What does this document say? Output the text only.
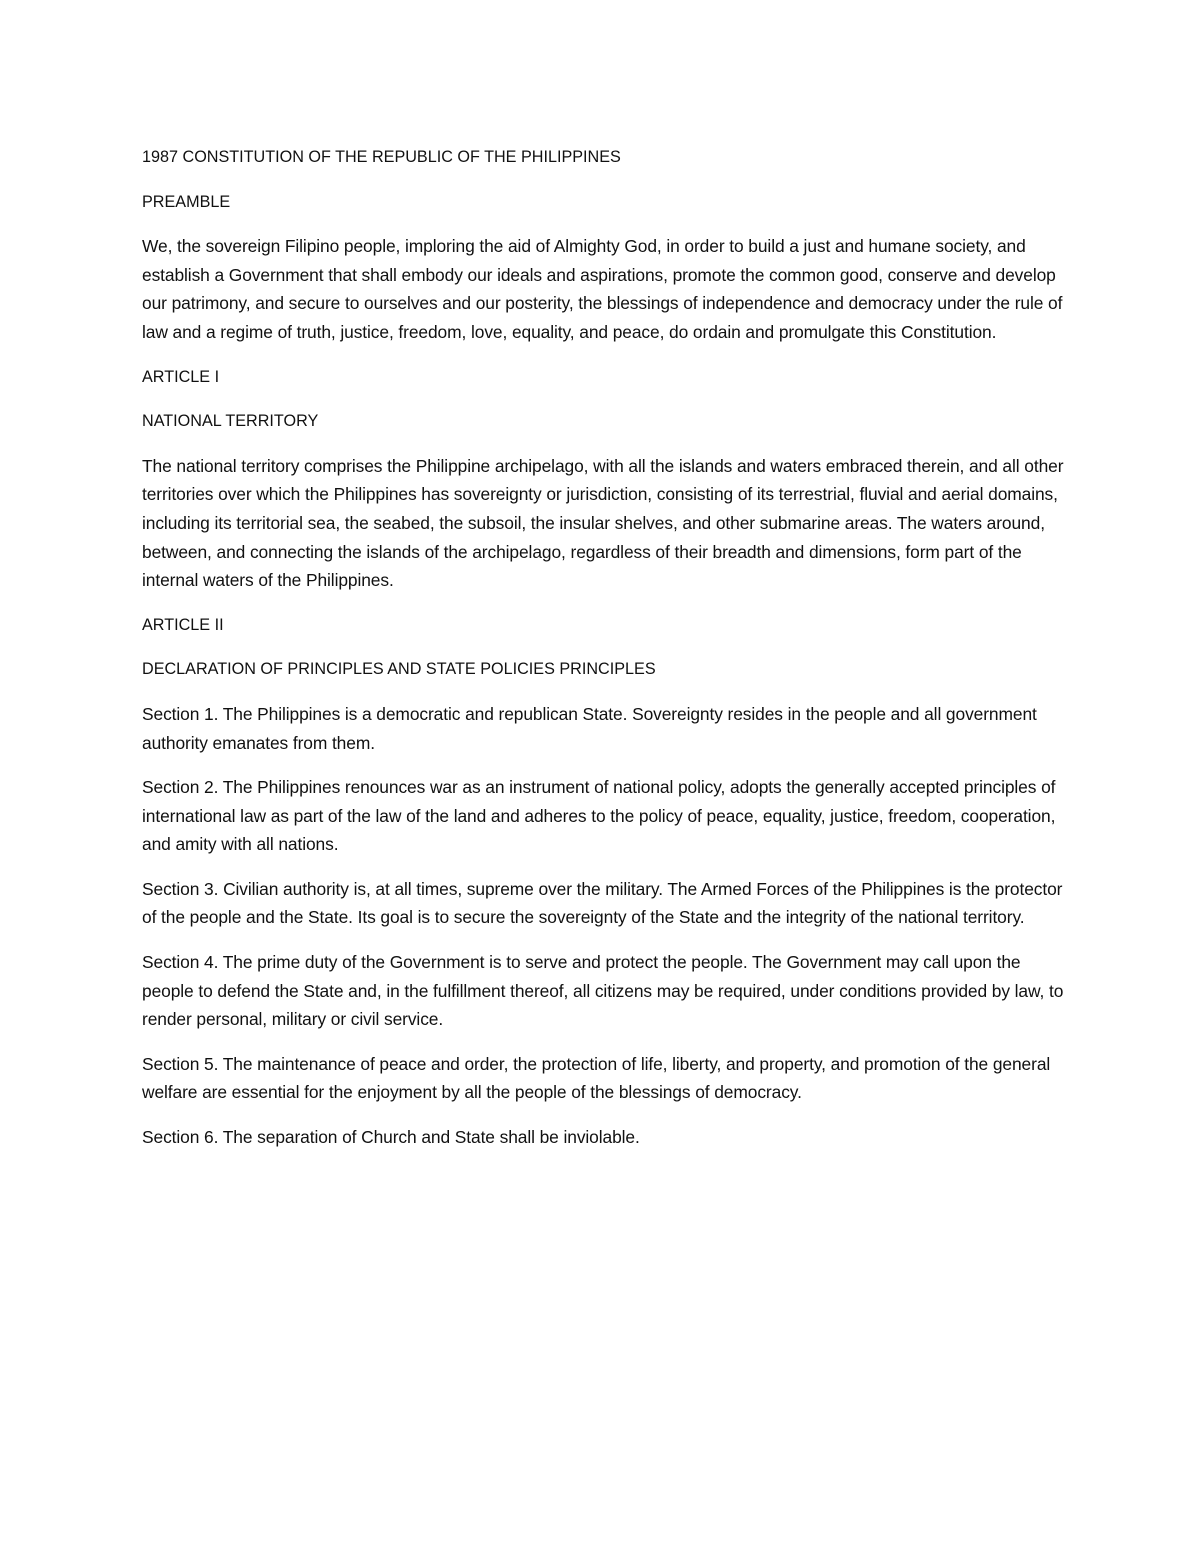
1987 CONSTITUTION OF THE REPUBLIC OF THE PHILIPPINES

PREAMBLE

We, the sovereign Filipino people, imploring the aid of Almighty God, in order to build a just and humane society, and establish a Government that shall embody our ideals and aspirations, promote the common good, conserve and develop our patrimony, and secure to ourselves and our posterity, the blessings of independence and democracy under the rule of law and a regime of truth, justice, freedom, love, equality, and peace, do ordain and promulgate this Constitution.

ARTICLE I

NATIONAL TERRITORY

The national territory comprises the Philippine archipelago, with all the islands and waters embraced therein, and all other territories over which the Philippines has sovereignty or jurisdiction, consisting of its terrestrial, fluvial and aerial domains, including its territorial sea, the seabed, the subsoil, the insular shelves, and other submarine areas. The waters around, between, and connecting the islands of the archipelago, regardless of their breadth and dimensions, form part of the internal waters of the Philippines.

ARTICLE II

DECLARATION OF PRINCIPLES AND STATE POLICIES PRINCIPLES

Section 1. The Philippines is a democratic and republican State. Sovereignty resides in the people and all government authority emanates from them.

Section 2. The Philippines renounces war as an instrument of national policy, adopts the generally accepted principles of international law as part of the law of the land and adheres to the policy of peace, equality, justice, freedom, cooperation, and amity with all nations.

Section 3. Civilian authority is, at all times, supreme over the military. The Armed Forces of the Philippines is the protector of the people and the State. Its goal is to secure the sovereignty of the State and the integrity of the national territory.

Section 4. The prime duty of the Government is to serve and protect the people. The Government may call upon the people to defend the State and, in the fulfillment thereof, all citizens may be required, under conditions provided by law, to render personal, military or civil service.

Section 5. The maintenance of peace and order, the protection of life, liberty, and property, and promotion of the general welfare are essential for the enjoyment by all the people of the blessings of democracy.

Section 6. The separation of Church and State shall be inviolable.
